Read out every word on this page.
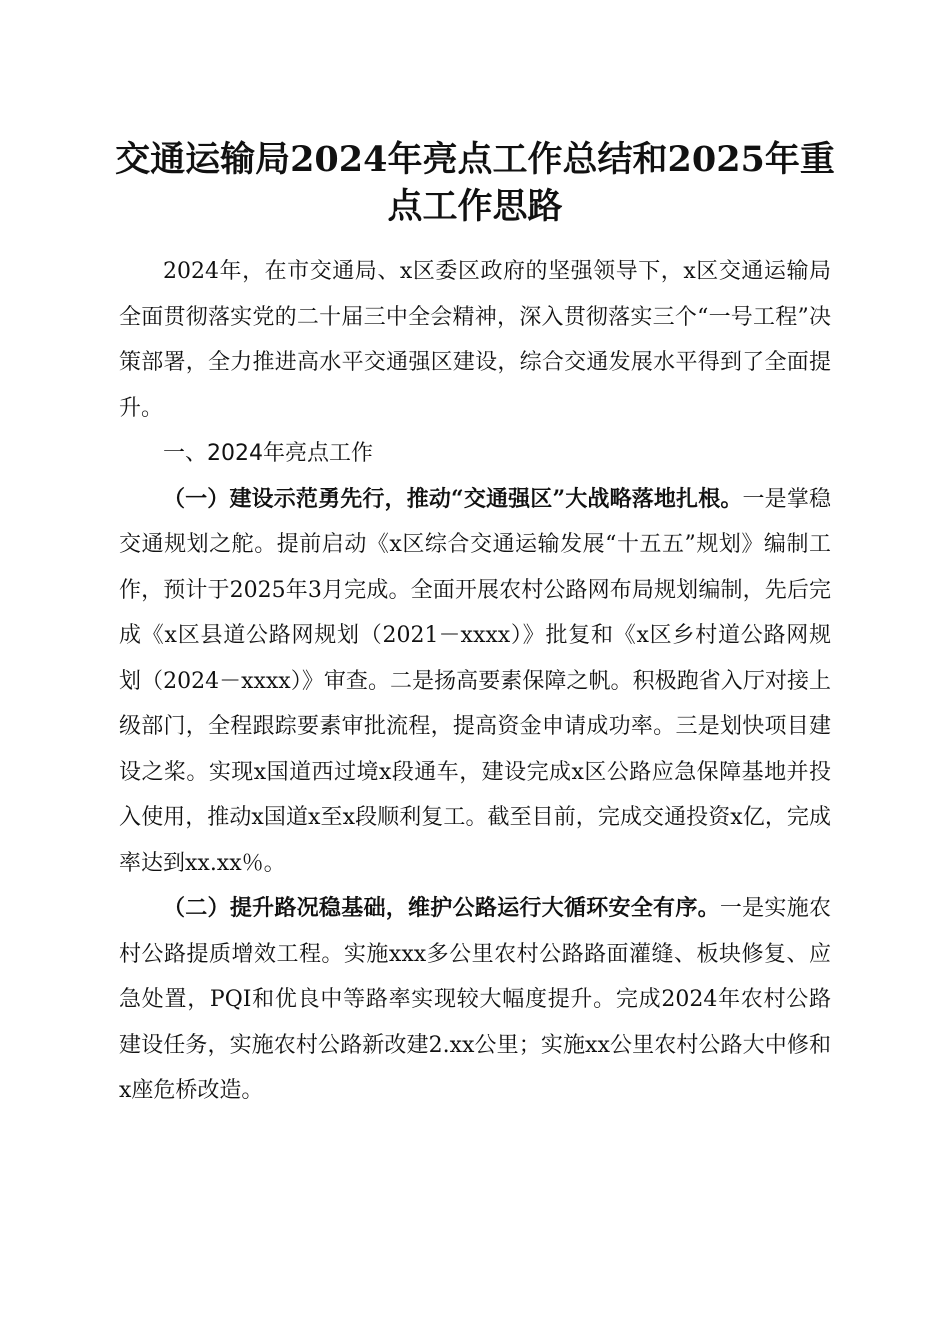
交通运输局2024年亮点工作总结和2025年重点工作思路

2024年，在市交通局、x区委区政府的坚强领导下，x区交通运输局全面贯彻落实党的二十届三中全会精神，深入贯彻落实三个“一号工程”决策部署，全力推进高水平交通强区建设，综合交通发展水平得到了全面提升。

一、2024年亮点工作

（一）建设示范勇先行，推动“交通强区”大战略落地扎根。一是掌稳交通规划之舵。提前启动《x区综合交通运输发展“十五五”规划》编制工作，预计于2025年3月完成。全面开展农村公路网布局规划编制，先后完成《x区县道公路网规划（2021－xxxx）》批复和《x区乡村道公路网规划（2024－xxxx）》审查。二是扬高要素保障之帆。积极跑省入厅对接上级部门，全程跟踪要素审批流程，提高资金申请成功率。三是划快项目建设之桨。实现x国道西过境x段通车，建设完成x区公路应急保障基地并投入使用，推动x国道x至x段顺利复工。截至目前，完成交通投资x亿，完成率达到xx.xx％。

（二）提升路况稳基础，维护公路运行大循环安全有序。一是实施农村公路提质增效工程。实施xxx多公里农村公路路面灌缝、板块修复、应急处置，PQI和优良中等路率实现较大幅度提升。完成2024年农村公路建设任务，实施农村公路新改建2.xx公里；实施xx公里农村公路大中修和x座危桥改造。
